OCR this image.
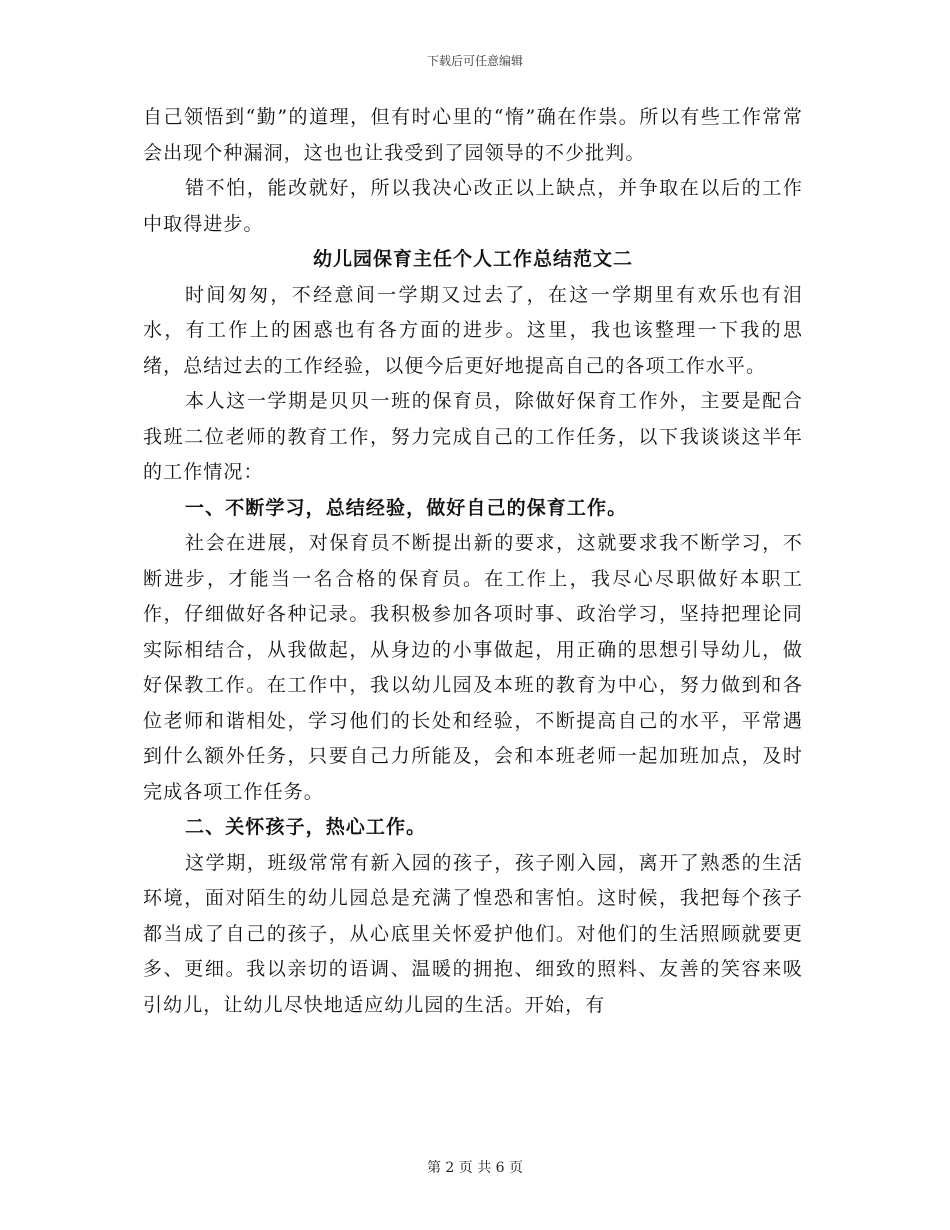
下载后可任意编辑

自己领悟到“勤”的道理，但有时心里的“惰”确在作祟。所以有些工作常常会出现个种漏洞，这也也让我受到了园领导的不少批判。

错不怕，能改就好，所以我决心改正以上缺点，并争取在以后的工作中取得进步。

幼儿园保育主任个人工作总结范文二

时间匆匆，不经意间一学期又过去了，在这一学期里有欢乐也有泪水，有工作上的困惑也有各方面的进步。这里，我也该整理一下我的思绪，总结过去的工作经验，以便今后更好地提高自己的各项工作水平。

本人这一学期是贝贝一班的保育员，除做好保育工作外，主要是配合我班二位老师的教育工作，努力完成自己的工作任务，以下我谈谈这半年的工作情况：

一、不断学习，总结经验，做好自己的保育工作。

社会在进展，对保育员不断提出新的要求，这就要求我不断学习，不断进步，才能当一名合格的保育员。在工作上，我尽心尽职做好本职工作，仔细做好各种记录。我积极参加各项时事、政治学习，坚持把理论同实际相结合，从我做起，从身边的小事做起，用正确的思想引导幼儿，做好保教工作。在工作中，我以幼儿园及本班的教育为中心，努力做到和各位老师和谐相处，学习他们的长处和经验，不断提高自己的水平，平常遇到什么额外任务，只要自己力所能及，会和本班老师一起加班加点，及时完成各项工作任务。

二、关怀孩子，热心工作。

这学期，班级常常有新入园的孩子，孩子刚入园，离开了熟悉的生活环境，面对陌生的幼儿园总是充满了惶恐和害怕。这时候，我把每个孩子都当成了自己的孩子，从心底里关怀爱护他们。对他们的生活照顾就要更多、更细。我以亲切的语调、温暖的拥抱、细致的照料、友善的笑容来吸引幼儿，让幼儿尽快地适应幼儿园的生活。开始，有

第 2 页 共 6 页
